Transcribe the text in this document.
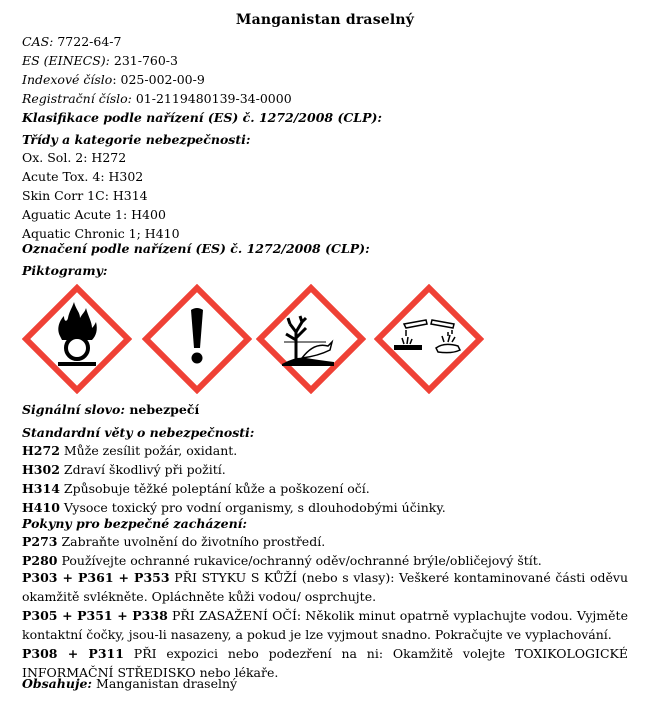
Manganistan draselný
CAS: 7722-64-7
ES (EINECS): 231-760-3
Indexové číslo: 025-002-00-9
Registrační číslo: 01-2119480139-34-0000
Klasifikace podle nařízení (ES) č. 1272/2008 (CLP):
Třídy a kategorie nebezpečnosti:
Ox. Sol. 2: H272
Acute Tox. 4: H302
Skin Corr 1C: H314
Aguatic Acute 1: H400
Aquatic Chronic 1; H410
Označení podle nařízení (ES) č. 1272/2008 (CLP):
Piktogramy:
Signální slovo: nebezpečí
Standardní věty o nebezpečnosti:
H272 Může zesílit požár, oxidant.
H302 Zdraví škodlivý při požití.
H314 Způsobuje těžké poleptání kůže a poškození očí.
H410 Vysoce toxický pro vodní organismy, s dlouhodobými účinky.
Pokyny pro bezpečné zacházení:
P273 Zabraňte uvolnění do životního prostředí.
P280 Používejte ochranné rukavice/ochranný oděv/ochranné brýle/obličejový štít.
P303 + P361 + P353 PŘI STYKU S KŮŽÍ (nebo s vlasy): Veškeré kontaminované části oděvu okamžitě svlékněte. Opláchněte kůži vodou/ osprchujte.
P305 + P351 + P338 PŘI ZASAŽENÍ OČÍ: Několik minut opatrně vyplachujte vodou. Vyjměte kontaktní čočky, jsou-li nasazeny, a pokud je lze vyjmout snadno. Pokračujte ve vyplachování.
P308 + P311 PŘI expozici nebo podezření na ni: Okamžitě volejte TOXIKOLOGICKÉ INFORMAČNÍ STŘEDISKO nebo lékaře.
Obsahuje: Manganistan draselný
